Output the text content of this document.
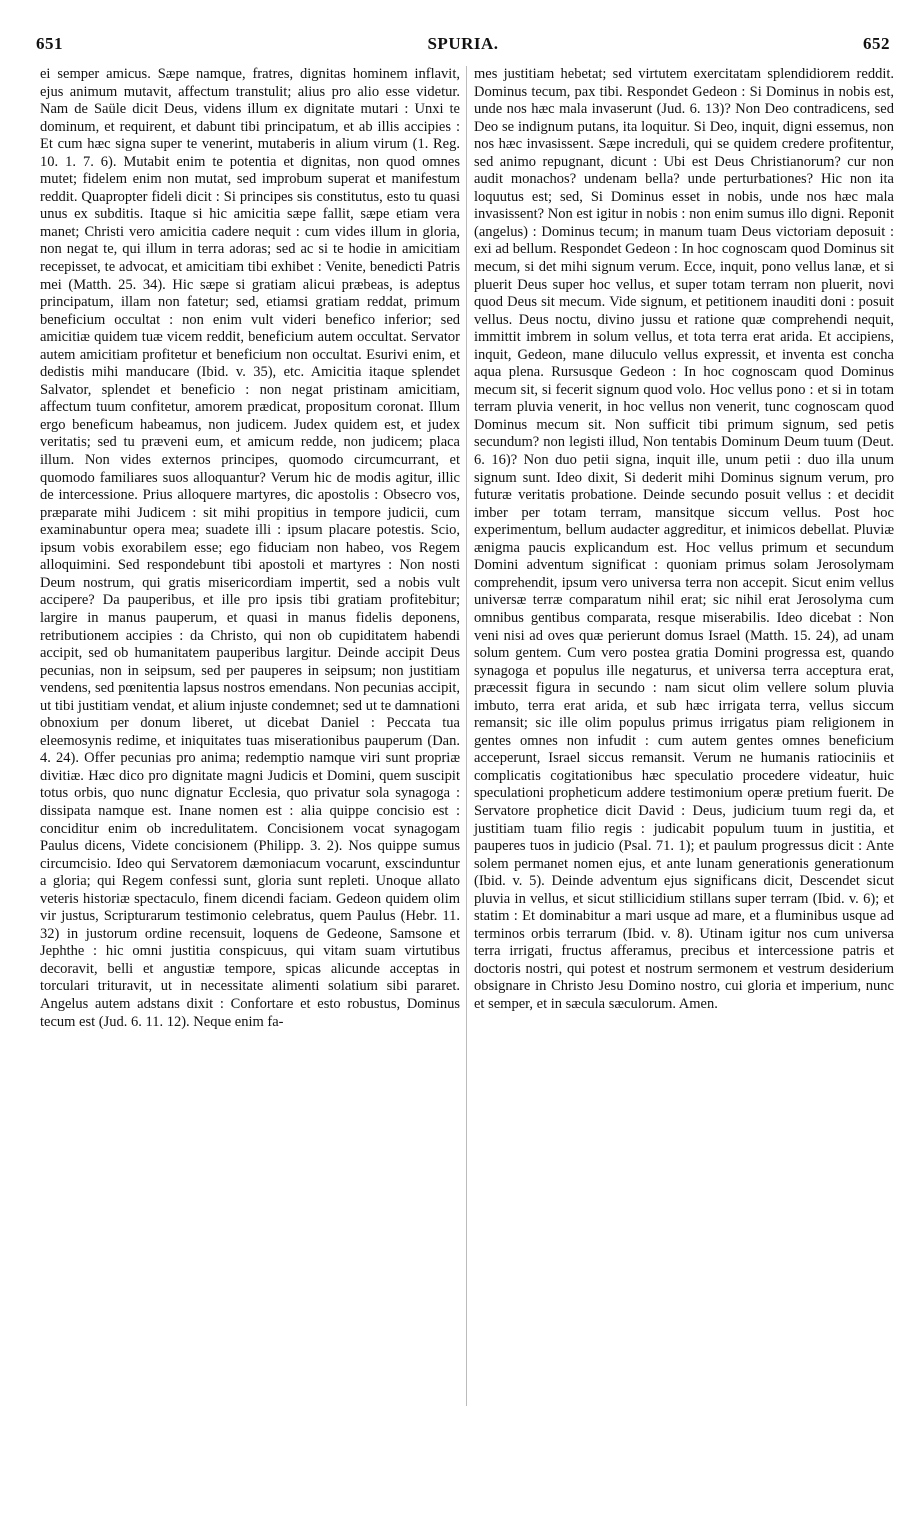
651	SPURIA.	652

ei semper amicus. Sæpe namque, fratres, dignitas hominem inflavit, ejus animum mutavit, affectum transtulit; alius pro alio esse videtur. Nam de Saüle dicit Deus, videns illum ex dignitate mutari : Unxi te dominum, et requirent, et dabunt tibi principatum, et ab illis accipies : Et cum hæc signa super te venerint, mutaberis in alium virum (1. Reg. 10. 1. 7. 6). Mutabit enim te potentia et dignitas, non quod omnes mutet; fidelem enim non mutat, sed improbum superat et manifestum reddit. Quapropter fideli dicit : Si principes sis constitutus, esto tu quasi unus ex subditis. Itaque si hic amicitia sæpe fallit, sæpe etiam vera manet; Christi vero amicitia cadere nequit : cum vides illum in gloria, non negat te, qui illum in terra adoras; sed ac si te hodie in amicitiam recepisset, te advocat, et amicitiam tibi exhibet : Venite, benedicti Patris mei (Matth. 25. 34). Hic sæpe si gratiam alicui præbeas, is adeptus principatum, illam non fatetur; sed, etiamsi gratiam reddat, primum beneficium occultat : non enim vult videri benefico inferior; sed amicitiæ quidem tuæ vicem reddit, beneficium autem occultat. Servator autem amicitiam profitetur et beneficium non occultat. Esurivi enim, et dedistis mihi manducare (Ibid. v. 35), etc. Amicitia itaque splendet Salvator, splendet et beneficio : non negat pristinam amicitiam, affectum tuum confitetur, amorem prædicat, propositum coronat. Illum ergo beneficum habeamus, non judicem. Judex quidem est, et judex veritatis; sed tu præveni eum, et amicum redde, non judicem; placa illum. Non vides externos principes, quomodo circumcurrant, et quomodo familiares suos alloquantur? Verum hic de modis agitur, illic de intercessione. Prius alloquere martyres, dic apostolis : Obsecro vos, præparate mihi Judicem : sit mihi propitius in tempore judicii, cum examinabuntur opera mea; suadete illi : ipsum placare potestis. Scio, ipsum vobis exorabilem esse; ego fiduciam non habeo, vos Regem alloquimini. Sed respondebunt tibi apostoli et martyres : Non nosti Deum nostrum, qui gratis misericordiam impertit, sed a nobis vult accipere? Da pauperibus, et ille pro ipsis tibi gratiam profitebitur; largire in manus pauperum, et quasi in manus fidelis deponens, retributionem accipies : da Christo, qui non ob cupiditatem habendi accipit, sed ob humanitatem pauperibus largitur. Deinde accipit Deus pecunias, non in seipsum, sed per pauperes in seipsum; non justitiam vendens, sed pœnitentia lapsus nostros emendans. Non pecunias accipit, ut tibi justitiam vendat, et alium injuste condemnet; sed ut te damnationi obnoxium per donum liberet, ut dicebat Daniel : Peccata tua eleemosynis redime, et iniquitates tuas miserationibus pauperum (Dan. 4. 24). Offer pecunias pro anima; redemptio namque viri sunt propriæ divitiæ. Hæc dico pro dignitate magni Judicis et Domini, quem suscipit totus orbis, quo nunc dignatur Ecclesia, quo privatur sola synagoga : dissipata namque est. Inane nomen est : alia quippe concisio est : conciditur enim ob incredulitatem. Concisionem vocat synagogam Paulus dicens, Videte concisionem (Philipp. 3. 2). Nos quippe sumus circumcisio. Ideo qui Servatorem dæmoniacum vocarunt, exscinduntur a gloria; qui Regem confessi sunt, gloria sunt repleti. Unoque allato veteris historiæ spectaculo, finem dicendi faciam. Gedeon quidem olim vir justus, Scripturarum testimonio celebratus, quem Paulus (Hebr. 11. 32) in justorum ordine recensuit, loquens de Gedeone, Samsone et Jephthe : hic omni justitia conspicuus, qui vitam suam virtutibus decoravit, belli et angustiæ tempore, spicas alicunde acceptas in torculari trituravit, ut in necessitate alimenti solatium sibi pararet. Angelus autem adstans dixit : Confortare et esto robustus, Dominus tecum est (Jud. 6. 11. 12). Neque enim fa-

mes justitiam hebetat; sed virtutem exercitatam splendidiorem reddit. Dominus tecum, pax tibi. Respondet Gedeon : Si Dominus in nobis est, unde nos hæc mala invaserunt (Jud. 6. 13)? Non Deo contradicens, sed Deo se indignum putans, ita loquitur. Si Deo, inquit, digni essemus, non nos hæc invasissent. Sæpe increduli, qui se quidem credere profitentur, sed animo repugnant, dicunt : Ubi est Deus Christianorum? cur non audit monachos? undenam bella? unde perturbationes? Hic non ita loquutus est; sed, Si Dominus esset in nobis, unde nos hæc mala invasissent? Non est igitur in nobis : non enim sumus illo digni. Reponit (angelus) : Dominus tecum; in manum tuam Deus victoriam deposuit : exi ad bellum. Respondet Gedeon : In hoc cognoscam quod Dominus sit mecum, si det mihi signum verum. Ecce, inquit, pono vellus lanæ, et si pluerit Deus super hoc vellus, et super totam terram non pluerit, novi quod Deus sit mecum. Vide signum, et petitionem inauditi doni : posuit vellus. Deus noctu, divino jussu et ratione quæ comprehendi nequit, immittit imbrem in solum vellus, et tota terra erat arida. Et accipiens, inquit, Gedeon, mane diluculo vellus expressit, et inventa est concha aqua plena. Rursusque Gedeon : In hoc cognoscam quod Dominus mecum sit, si fecerit signum quod volo. Hoc vellus pono : et si in totam terram pluvia venerit, in hoc vellus non venerit, tunc cognoscam quod Dominus mecum sit. Non sufficit tibi primum signum, sed petis secundum? non legisti illud, Non tentabis Dominum Deum tuum (Deut. 6. 16)? Non duo petii signa, inquit ille, unum petii : duo illa unum signum sunt. Ideo dixit, Si dederit mihi Dominus signum verum, pro futuræ veritatis probatione. Deinde secundo posuit vellus : et decidit imber per totam terram, mansitque siccum vellus. Post hoc experimentum, bellum audacter aggreditur, et inimicos debellat. Pluviæ ænigma paucis explicandum est. Hoc vellus primum et secundum Domini adventum significat : quoniam primus solam Jerosolymam comprehendit, ipsum vero universa terra non accepit. Sicut enim vellus universæ terræ comparatum nihil erat; sic nihil erat Jerosolyma cum omnibus gentibus comparata, resque miserabilis. Ideo dicebat : Non veni nisi ad oves quæ perierunt domus Israel (Matth. 15. 24), ad unam solum gentem. Cum vero postea gratia Domini progressa est, quando synagoga et populus ille negaturus, et universa terra acceptura erat, præcessit figura in secundo : nam sicut olim vellere solum pluvia imbuto, terra erat arida, et sub hæc irrigata terra, vellus siccum remansit; sic ille olim populus primus irrigatus piam religionem in gentes omnes non infudit : cum autem gentes omnes beneficium acceperunt, Israel siccus remansit. Verum ne humanis ratiociniis et complicatis cogitationibus hæc speculatio procedere videatur, huic speculationi propheticum addere testimonium operæ pretium fuerit. De Servatore prophetice dicit David : Deus, judicium tuum regi da, et justitiam tuam filio regis : judicabit populum tuum in justitia, et pauperes tuos in judicio (Psal. 71. 1); et paulum progressus dicit : Ante solem permanet nomen ejus, et ante lunam generationis generationum (Ibid. v. 5). Deinde adventum ejus significans dicit, Descendet sicut pluvia in vellus, et sicut stillicidium stillans super terram (Ibid. v. 6); et statim : Et dominabitur a mari usque ad mare, et a fluminibus usque ad terminos orbis terrarum (Ibid. v. 8). Utinam igitur nos cum universa terra irrigati, fructus afferamus, precibus et intercessione patris et doctoris nostri, qui potest et nostrum sermonem et vestrum desiderium obsignare in Christo Jesu Domino nostro, cui gloria et imperium, nunc et semper, et in sæcula sæculorum. Amen.
